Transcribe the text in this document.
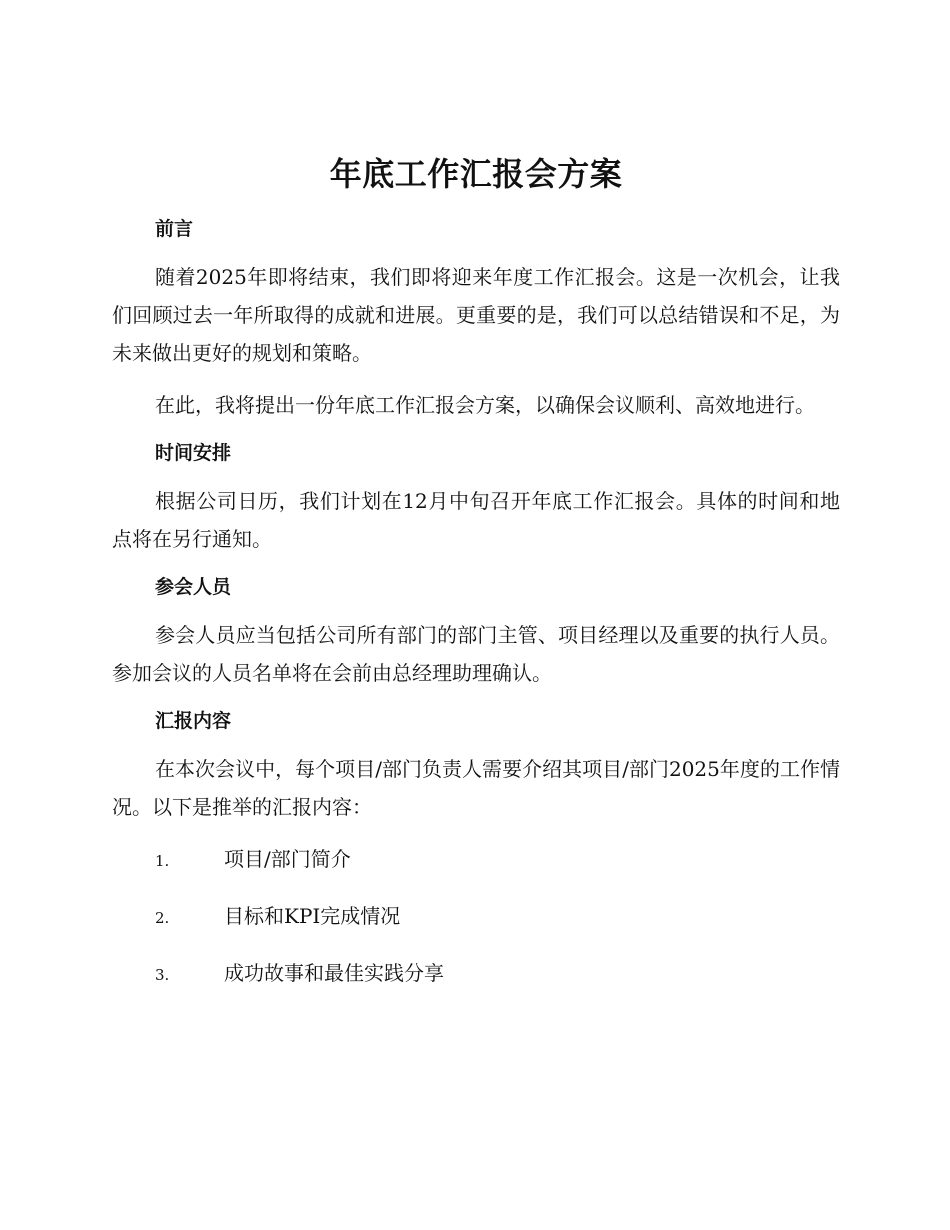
年底工作汇报会方案
前言

随着2025年即将结束，我们即将迎来年度工作汇报会。这是一次机会，让我们回顾过去一年所取得的成就和进展。更重要的是，我们可以总结错误和不足，为未来做出更好的规划和策略。

在此，我将提出一份年底工作汇报会方案，以确保会议顺利、高效地进行。

时间安排

根据公司日历，我们计划在12月中旬召开年底工作汇报会。具体的时间和地点将在另行通知。

参会人员

参会人员应当包括公司所有部门的部门主管、项目经理以及重要的执行人员。参加会议的人员名单将在会前由总经理助理确认。

汇报内容

在本次会议中，每个项目/部门负责人需要介绍其项目/部门2025年度的工作情况。以下是推举的汇报内容：

1.	项目/部门简介
2.	目标和KPI完成情况
3.	成功故事和最佳实践分享
